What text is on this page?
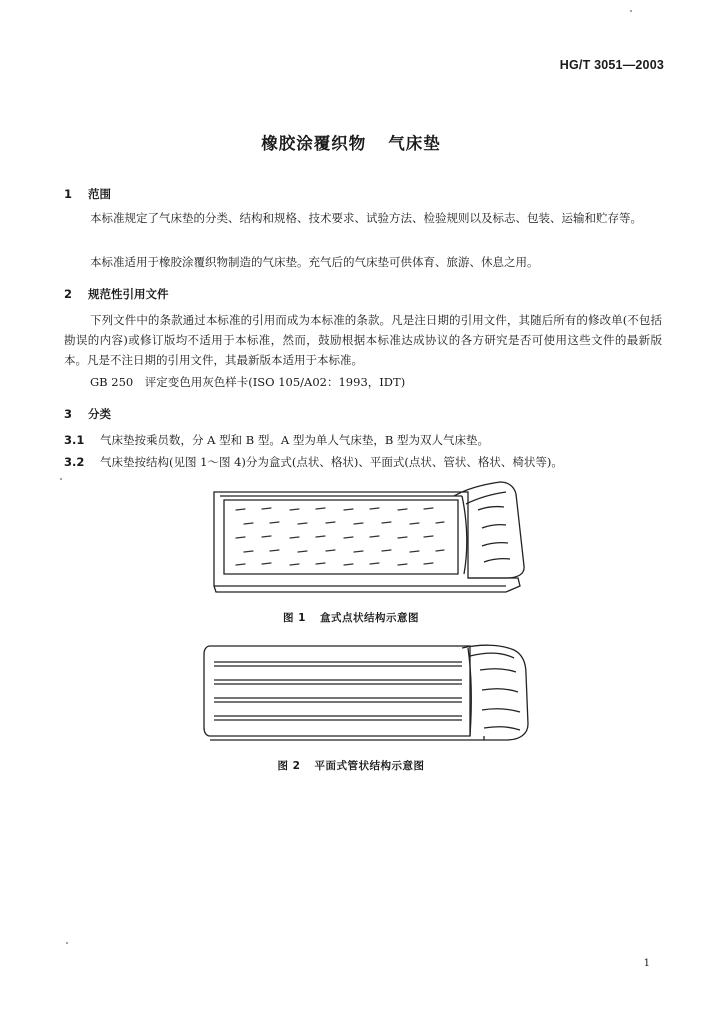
HG/T 3051—2003
橡胶涂覆织物 气床垫
1 范围
本标准规定了气床垫的分类、结构和规格、技术要求、试验方法、检验规则以及标志、包装、运输和贮存等。
本标准适用于橡胶涂覆织物制造的气床垫。充气后的气床垫可供体育、旅游、休息之用。
2 规范性引用文件
下列文件中的条款通过本标准的引用而成为本标准的条款。凡是注日期的引用文件，其随后所有的修改单(不包括勘误的内容)或修订版均不适用于本标准，然而，鼓励根据本标准达成协议的各方研究是否可使用这些文件的最新版本。凡是不注日期的引用文件，其最新版本适用于本标准。
GB 250　评定变色用灰色样卡(ISO 105/A02：1993，IDT)
3 分类
3.1 气床垫按乘员数，分 A 型和 B 型。A 型为单人气床垫，B 型为双人气床垫。
3.2 气床垫按结构(见图 1～图 4)分为盒式(点状、格状)、平面式(点状、管状、格状、椅状等)。
图 1 盒式点状结构示意图
图 2 平面式管状结构示意图
1
